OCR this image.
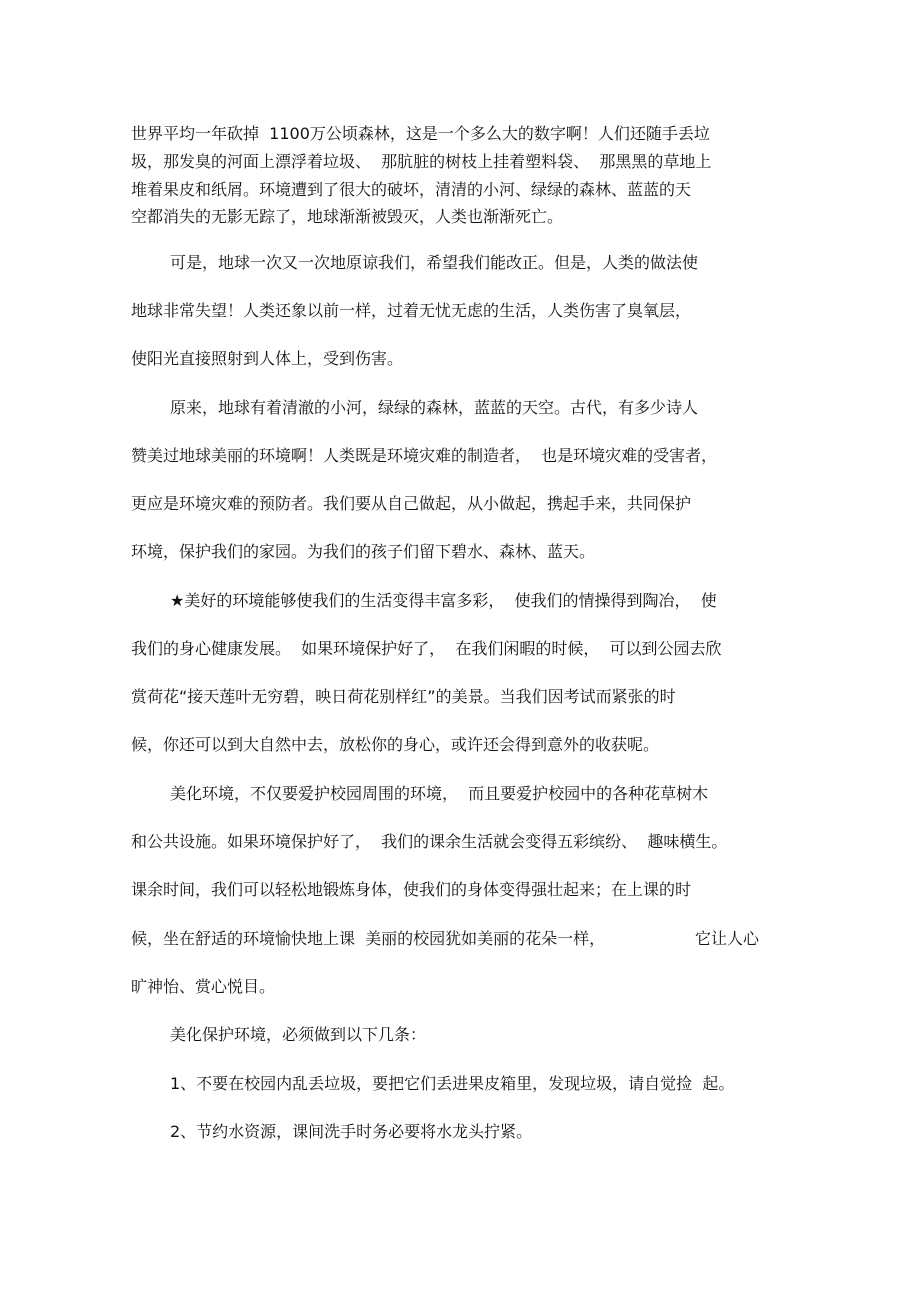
世界平均一年砍掉  1100万公顷森林，这是一个多么大的数字啊！人们还随手丢垃
圾，那发臭的河面上漂浮着垃圾、  那肮脏的树枝上挂着塑料袋、  那黑黑的草地上
堆着果皮和纸屑。环境遭到了很大的破坏，清清的小河、绿绿的森林、蓝蓝的天
空都消失的无影无踪了，地球渐渐被毁灭，人类也渐渐死亡。
可是，地球一次又一次地原谅我们，希望我们能改正。但是，人类的做法使
地球非常失望！人类还象以前一样，过着无忧无虑的生活，人类伤害了臭氧层，
使阳光直接照射到人体上，受到伤害。
原来，地球有着清澈的小河，绿绿的森林，蓝蓝的天空。古代，有多少诗人
赞美过地球美丽的环境啊！人类既是环境灾难的制造者，  也是环境灾难的受害者，
更应是环境灾难的预防者。我们要从自己做起，从小做起，携起手来，共同保护
环境，保护我们的家园。为我们的孩子们留下碧水、森林、蓝天。
★美好的环境能够使我们的生活变得丰富多彩，  使我们的情操得到陶冶，  使
我们的身心健康发展。  如果环境保护好了，  在我们闲暇的时候，  可以到公园去欣
赏荷花“接天莲叶无穷碧，映日荷花别样红”的美景。当我们因考试而紧张的时
候，你还可以到大自然中去，放松你的身心，或许还会得到意外的收获呢。
美化环境，不仅要爱护校园周围的环境，  而且要爱护校园中的各种花草树木
和公共设施。如果环境保护好了，  我们的课余生活就会变得五彩缤纷、  趣味横生。
课余时间，我们可以轻松地锻炼身体，使我们的身体变得强壮起来；在上课的时
候，坐在舒适的环境愉快地上课  美丽的校园犹如美丽的花朵一样，	它让人心
旷神怡、赏心悦目。
美化保护环境，必须做到以下几条：
1、不要在校园内乱丢垃圾，要把它们丢进果皮箱里，发现垃圾，请自觉捡  起。
2、节约水资源，课间洗手时务必要将水龙头拧紧。
